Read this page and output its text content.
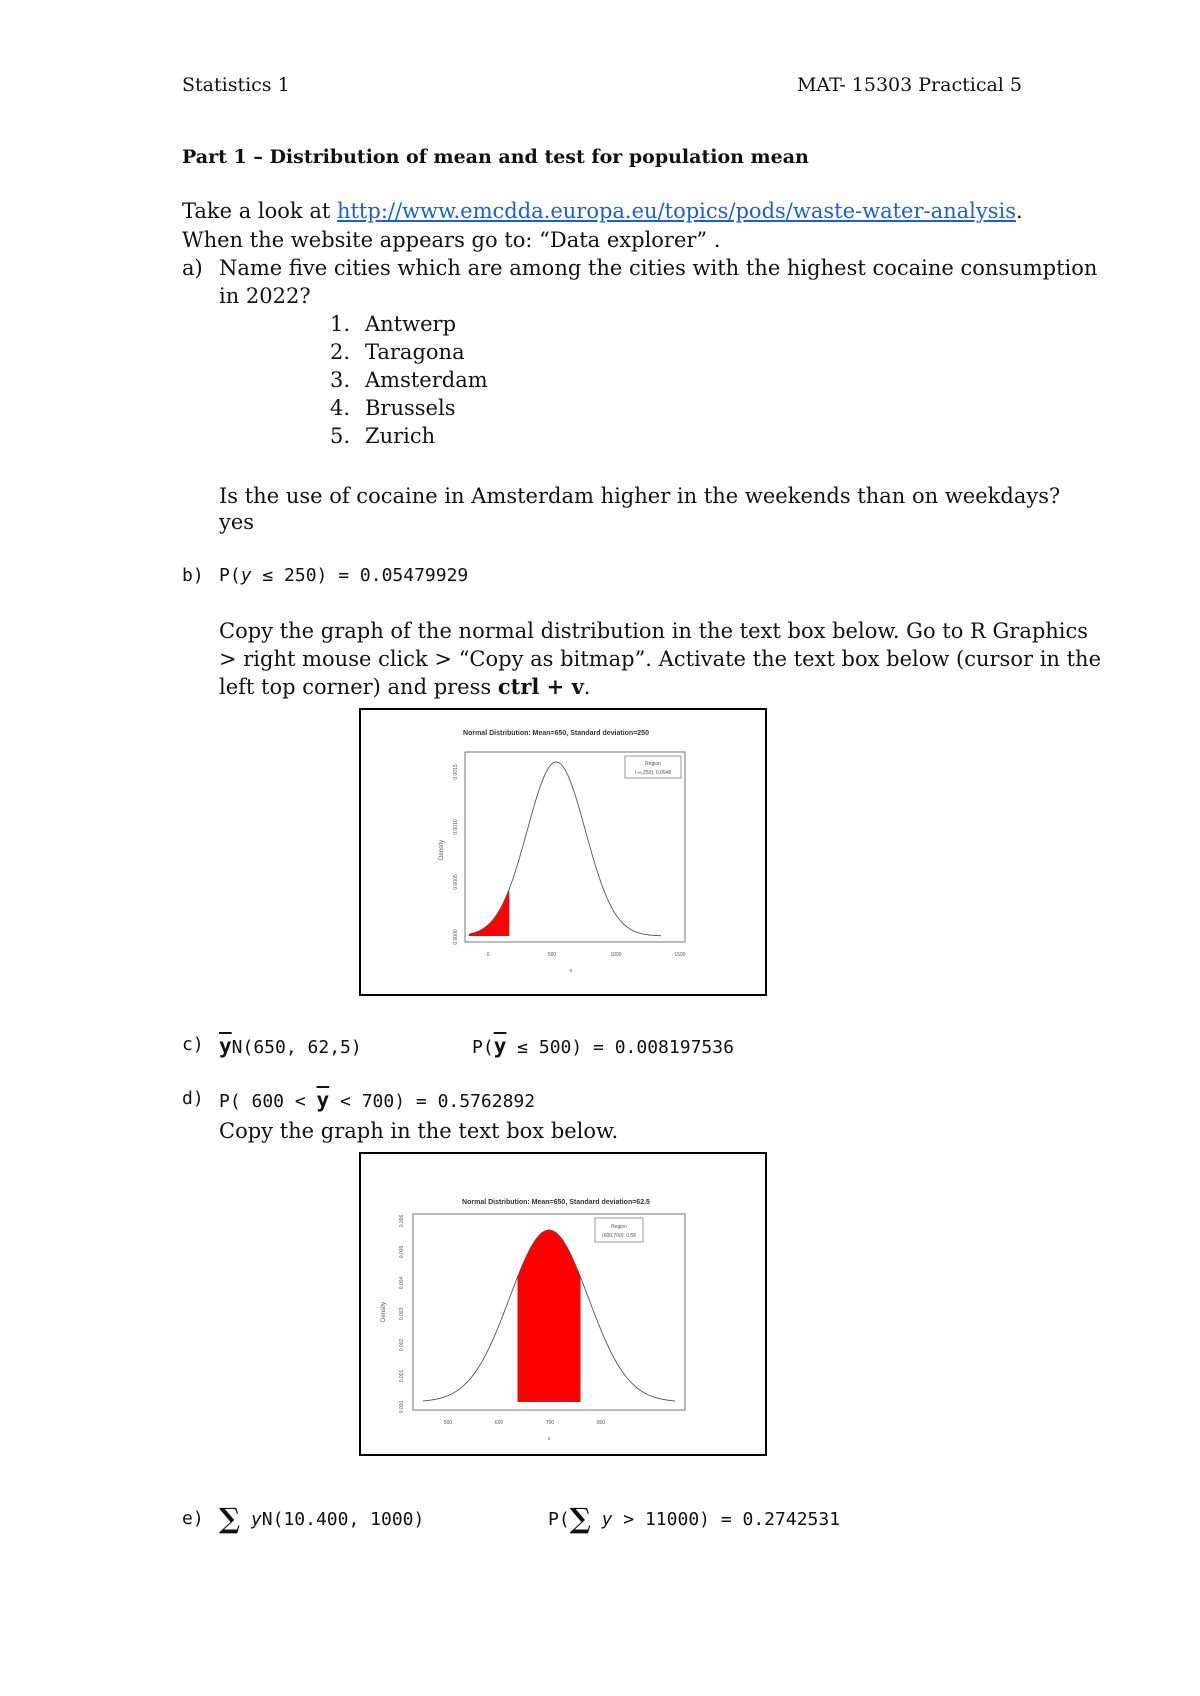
Statistics 1	MAT- 15303 Practical 5
Part 1 – Distribution of mean and test for population mean
Take a look at http://www.emcdda.europa.eu/topics/pods/waste-water-analysis.
When the website appears go to: “Data explorer” .
a) Name five cities which are among the cities with the highest cocaine consumption
in 2022?
1. Antwerp
2. Taragona
3. Amsterdam
4. Brussels
5. Zurich
Is the use of cocaine in Amsterdam higher in the weekends than on weekdays?
yes
b) P(y ≤ 250) = 0.05479929
Copy the graph of the normal distribution in the text box below. Go to R Graphics
> right mouse click > “Copy as bitmap”. Activate the text box below (cursor in the
left top corner) and press ctrl + v.
Normal Distribution: Mean=650, Standard deviation=250
Region
(-∞,250): 0.0548
Density
0.0015
0.0010
0.0005
0.0000
0	500	1000	1500
x
c) $\overline{y}N(650$, 62,5)	$P(\overline{y} \le 500) = 0.008197536$
d) P( $600 < \overline{y} < 700) = 0.5762892$
Copy the graph in the text box below.
Normal Distribution: Mean=650, Standard deviation=62.5
Region
(600,700): 0.58
Density
0.000
0.001
0.002
0.003
0.004
0.005
0.006
500	600	700	800
x
e) ∑ yN(10.400, 1000)	P(∑ y > 11000) = 0.2742531
